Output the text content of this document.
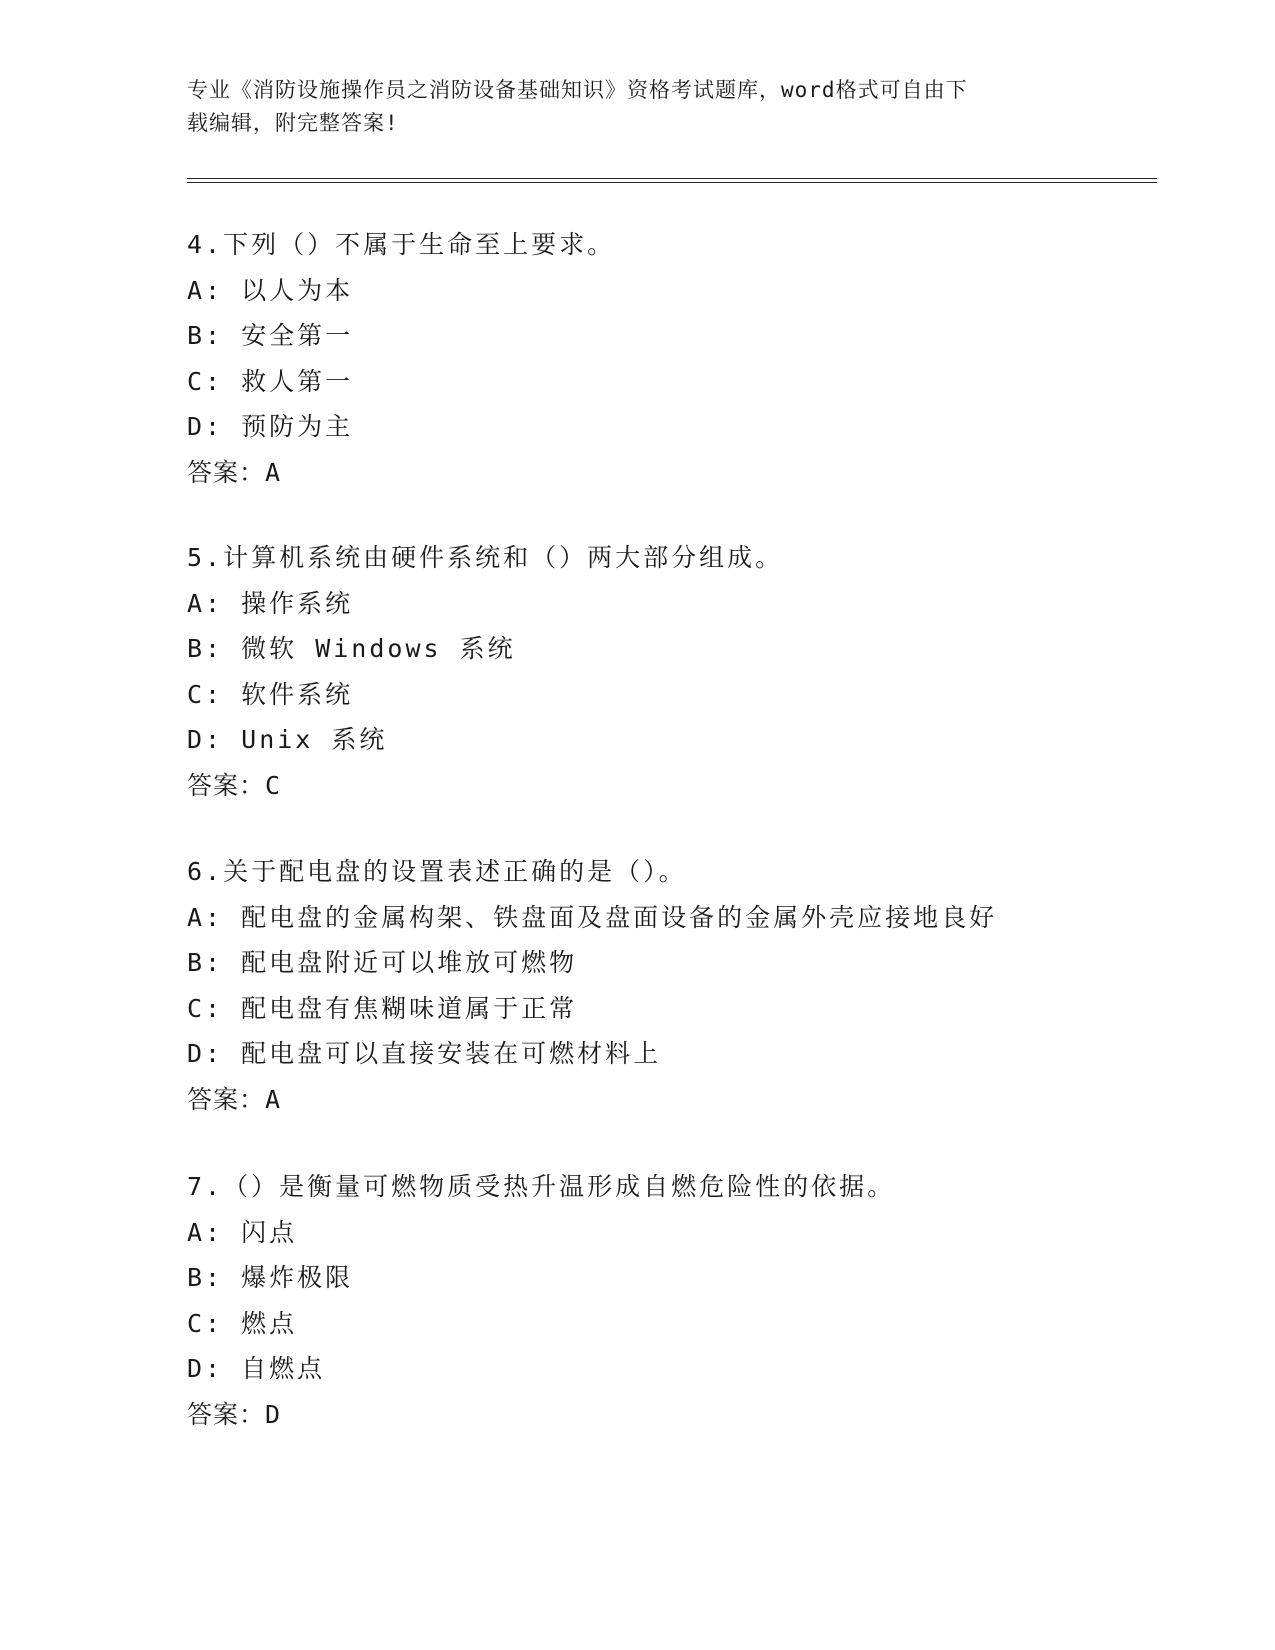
专业《消防设施操作员之消防设备基础知识》资格考试题库，word格式可自由下
载编辑，附完整答案!
4.下列（）不属于生命至上要求。
A: 以人为本
B: 安全第一
C: 救人第一
D: 预防为主
答案：A
5.计算机系统由硬件系统和（）两大部分组成。
A: 操作系统
B: 微软 Windows 系统
C: 软件系统
D: Unix 系统
答案：C
6.关于配电盘的设置表述正确的是（）。
A: 配电盘的金属构架、铁盘面及盘面设备的金属外壳应接地良好
B: 配电盘附近可以堆放可燃物
C: 配电盘有焦糊味道属于正常
D: 配电盘可以直接安装在可燃材料上
答案：A
7.（）是衡量可燃物质受热升温形成自燃危险性的依据。
A: 闪点
B: 爆炸极限
C: 燃点
D: 自燃点
答案：D
